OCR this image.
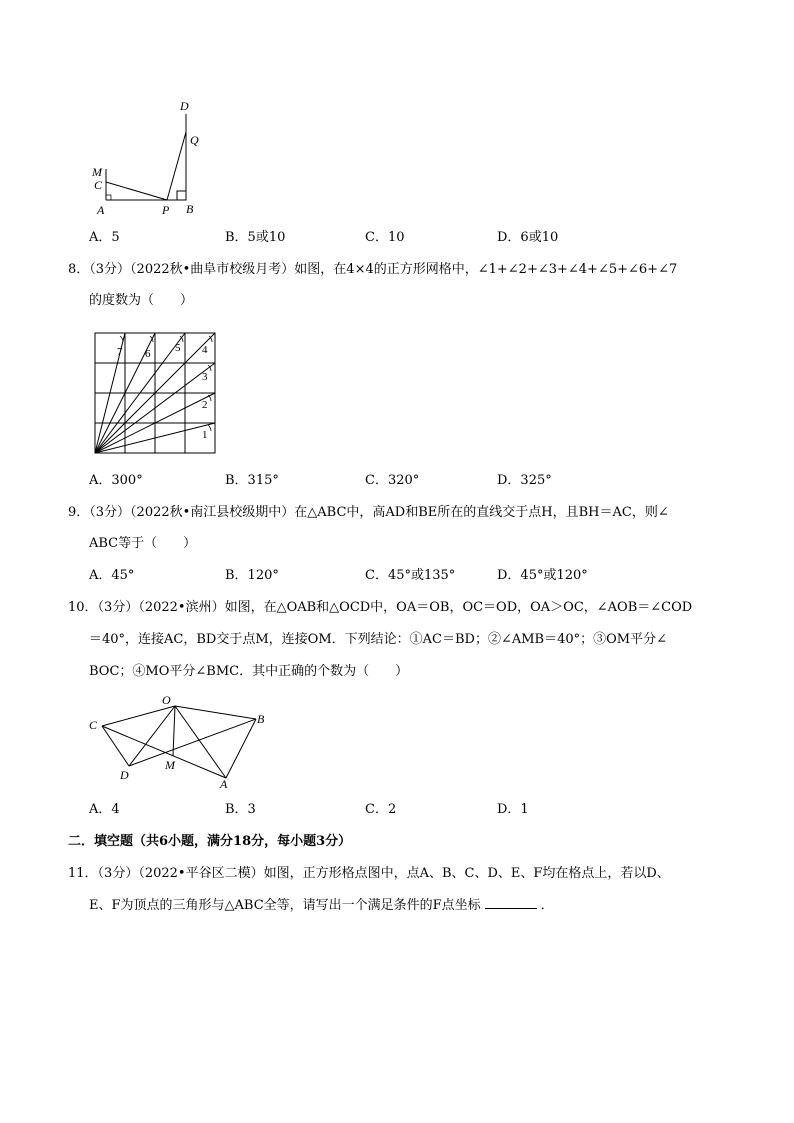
D
Q
M
C
A	P B
A．5	B．5或10	C．10	D．6或10
8．（3分）（2022秋•曲阜市校级月考）如图，在4×4的正方形网格中，∠1+∠2+∠3+∠4+∠5+∠6+∠7
的度数为（　　）
1
2
3
4
5
6
7
A．300°	B．315°	C．320°	D．325°
9．（3分）（2022秋•南江县校级期中）在△ABC中，高AD和BE所在的直线交于点H，且BH＝AC，则∠
ABC等于（　　）
A．45°	B．120°	C．45°或135°	D．45°或120°
10．（3分）（2022•滨州）如图，在△OAB和△OCD中，OA＝OB，OC＝OD，OA＞OC，∠AOB＝∠COD
＝40°，连接AC，BD交于点M，连接OM．下列结论：①AC＝BD；②∠AMB＝40°；③OM平分∠
BOC；④MO平分∠BMC．其中正确的个数为（　　）
O
C	B
D
M
A
A．4	B．3	C．2	D．1
二．填空题（共6小题，满分18分，每小题3分）
11．（3分）（2022•平谷区二模）如图，正方形格点图中，点A、B、C、D、E、F均在格点上，若以D、
E、F为顶点的三角形与△ABC全等，请写出一个满足条件的F点坐标	．
